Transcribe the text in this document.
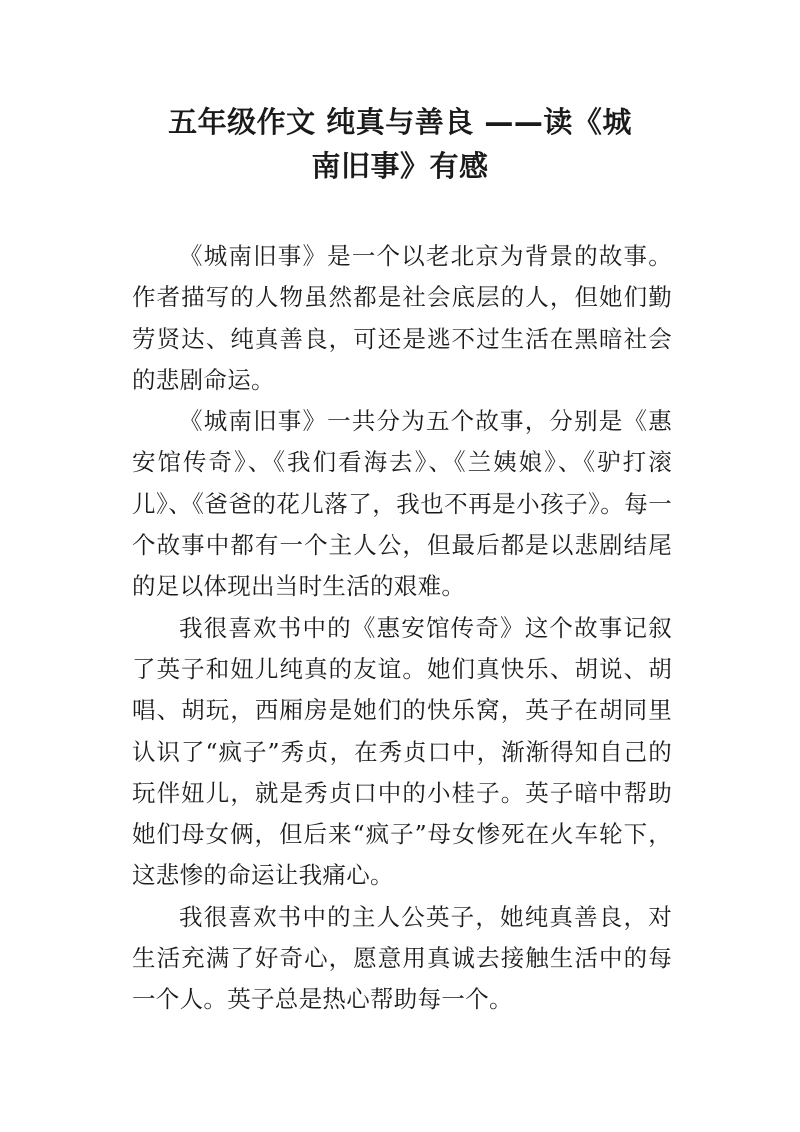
五年级作文 纯真与善良 ——读《城
南旧事》有感

《城南旧事》是一个以老北京为背景的故事。作者描写的人物虽然都是社会底层的人，但她们勤劳贤达、纯真善良，可还是逃不过生活在黑暗社会的悲剧命运。

《城南旧事》一共分为五个故事，分别是《惠安馆传奇》、《我们看海去》、《兰姨娘》、《驴打滚儿》、《爸爸的花儿落了，我也不再是小孩子》。每一个故事中都有一个主人公，但最后都是以悲剧结尾的足以体现出当时生活的艰难。

我很喜欢书中的《惠安馆传奇》这个故事记叙了英子和妞儿纯真的友谊。她们真快乐、胡说、胡唱、胡玩，西厢房是她们的快乐窝，英子在胡同里认识了“疯子”秀贞，在秀贞口中，渐渐得知自己的玩伴妞儿，就是秀贞口中的小桂子。英子暗中帮助她们母女俩，但后来“疯子”母女惨死在火车轮下，这悲惨的命运让我痛心。

我很喜欢书中的主人公英子，她纯真善良，对生活充满了好奇心，愿意用真诚去接触生活中的每一个人。英子总是热心帮助每一个。
